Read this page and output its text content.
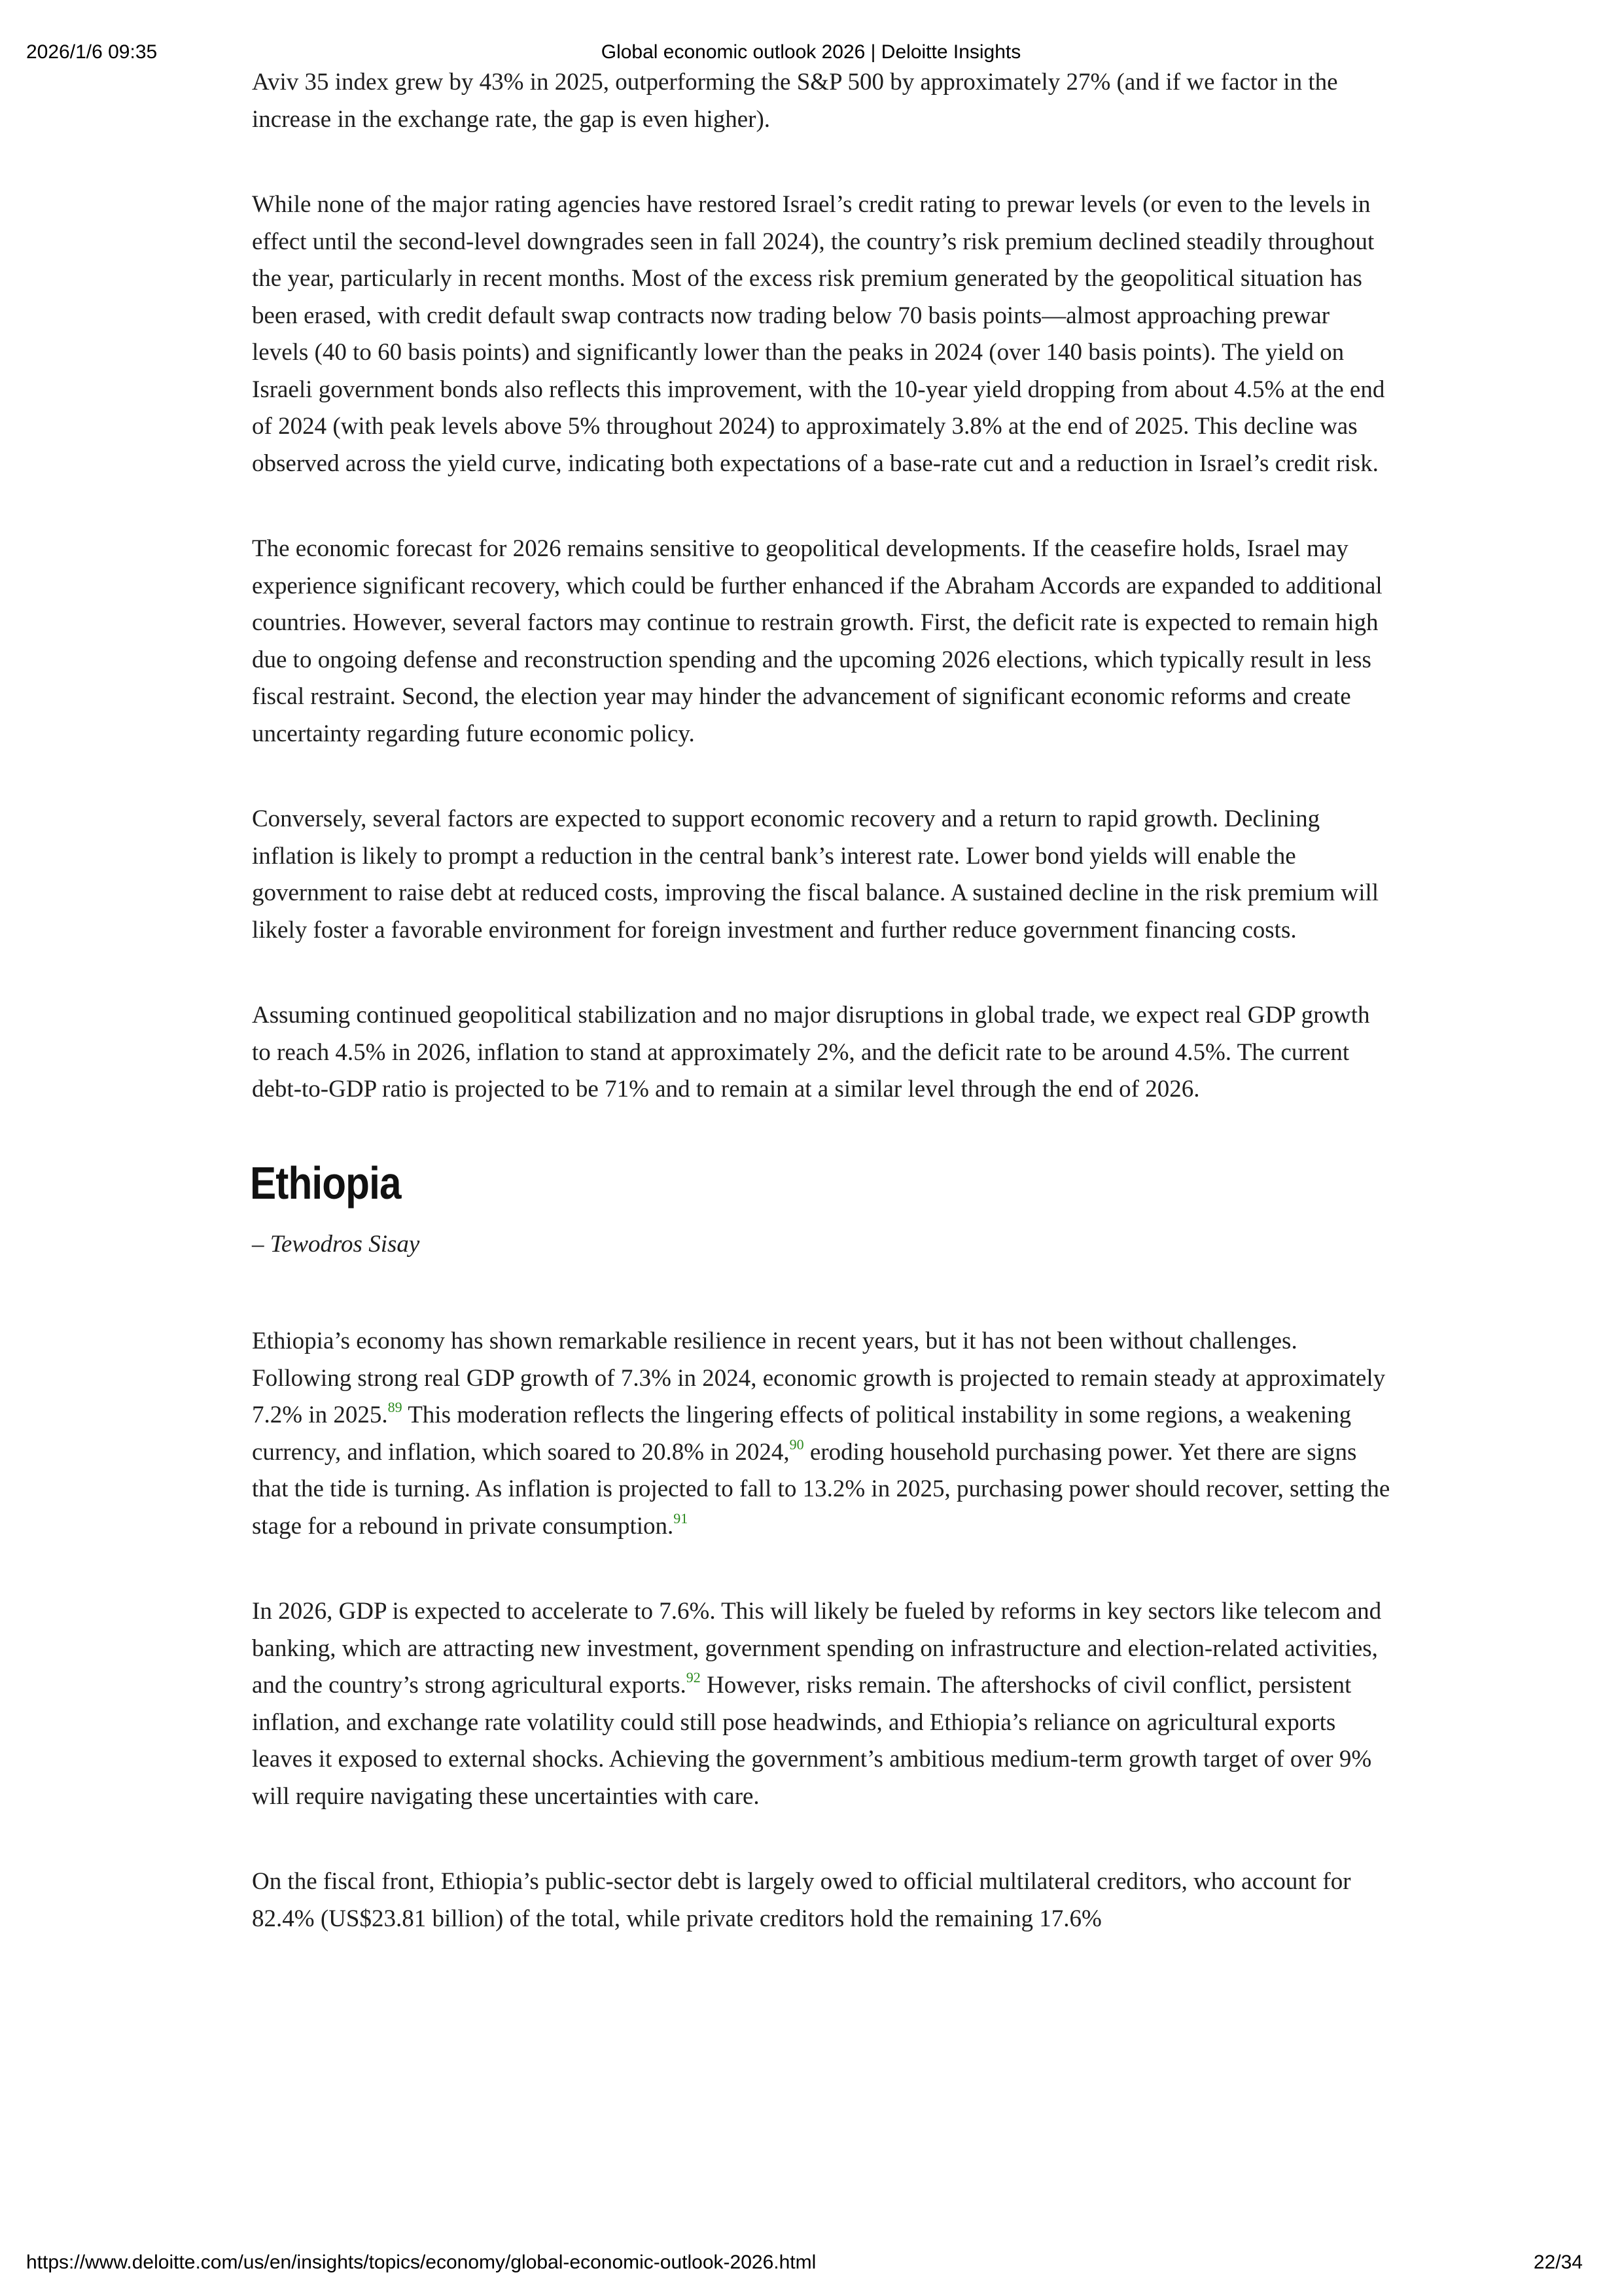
2026/1/6 09:35	Global economic outlook 2026 | Deloitte Insights

Aviv 35 index grew by 43% in 2025, outperforming the S&P 500 by approximately 27% (and if we factor in the increase in the exchange rate, the gap is even higher).

While none of the major rating agencies have restored Israel’s credit rating to prewar levels (or even to the levels in effect until the second-level downgrades seen in fall 2024), the country’s risk premium declined steadily throughout the year, particularly in recent months. Most of the excess risk premium generated by the geopolitical situation has been erased, with credit default swap contracts now trading below 70 basis points—almost approaching prewar levels (40 to 60 basis points) and significantly lower than the peaks in 2024 (over 140 basis points). The yield on Israeli government bonds also reflects this improvement, with the 10-year yield dropping from about 4.5% at the end of 2024 (with peak levels above 5% throughout 2024) to approximately 3.8% at the end of 2025. This decline was observed across the yield curve, indicating both expectations of a base-rate cut and a reduction in Israel’s credit risk.

The economic forecast for 2026 remains sensitive to geopolitical developments. If the ceasefire holds, Israel may experience significant recovery, which could be further enhanced if the Abraham Accords are expanded to additional countries. However, several factors may continue to restrain growth. First, the deficit rate is expected to remain high due to ongoing defense and reconstruction spending and the upcoming 2026 elections, which typically result in less fiscal restraint. Second, the election year may hinder the advancement of significant economic reforms and create uncertainty regarding future economic policy.

Conversely, several factors are expected to support economic recovery and a return to rapid growth. Declining inflation is likely to prompt a reduction in the central bank’s interest rate. Lower bond yields will enable the government to raise debt at reduced costs, improving the fiscal balance. A sustained decline in the risk premium will likely foster a favorable environment for foreign investment and further reduce government financing costs.

Assuming continued geopolitical stabilization and no major disruptions in global trade, we expect real GDP growth to reach 4.5% in 2026, inflation to stand at approximately 2%, and the deficit rate to be around 4.5%. The current debt-to-GDP ratio is projected to be 71% and to remain at a similar level through the end of 2026.

Ethiopia

– Tewodros Sisay

Ethiopia’s economy has shown remarkable resilience in recent years, but it has not been without challenges. Following strong real GDP growth of 7.3% in 2024, economic growth is projected to remain steady at approximately 7.2% in 2025.89 This moderation reflects the lingering effects of political instability in some regions, a weakening currency, and inflation, which soared to 20.8% in 2024,90 eroding household purchasing power. Yet there are signs that the tide is turning. As inflation is projected to fall to 13.2% in 2025, purchasing power should recover, setting the stage for a rebound in private consumption.$^{91}$

In 2026, GDP is expected to accelerate to 7.6%. This will likely be fueled by reforms in key sectors like telecom and banking, which are attracting new investment, government spending on infrastructure and election-related activities, and the country’s strong agricultural exports.$^{92}$ However, risks remain. The aftershocks of civil conflict, persistent inflation, and exchange rate volatility could still pose headwinds, and Ethiopia’s reliance on agricultural exports leaves it exposed to external shocks. Achieving the government’s ambitious medium-term growth target of over 9% will require navigating these uncertainties with care.

On the fiscal front, Ethiopia’s public-sector debt is largely owed to official multilateral creditors, who account for 82.4% (US$23.81 billion) of the total, while private creditors hold the remaining 17.6%

https://www.deloitte.com/us/en/insights/topics/economy/global-economic-outlook-2026.html	22/34
